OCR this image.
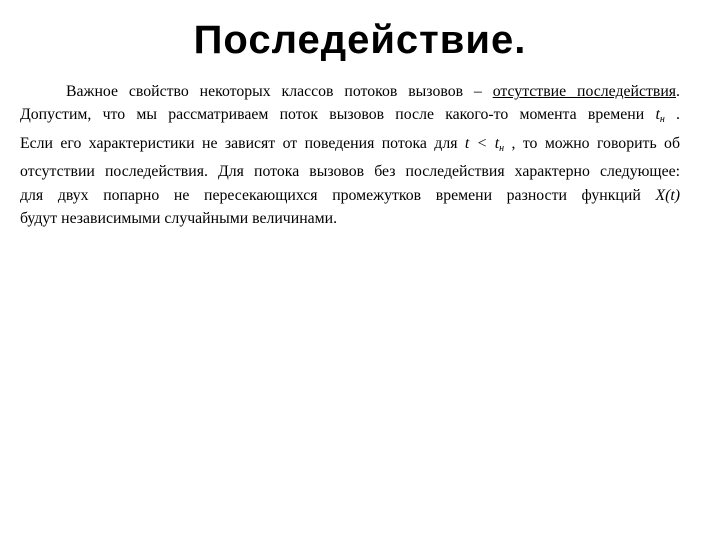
Последействие.
Важное свойство некоторых классов потоков вызовов – отсутствие последействия.
Допустим, что мы рассматриваем поток вызовов после какого-то момента времени $t_н$ .
Если его характеристики не зависят от поведения потока для $t < t_н$ , то можно говорить об
отсутствии последействия. Для потока вызовов без последействия характерно следующее:
для двух попарно не пересекающихся промежутков времени разности функций X(t)
будут независимыми случайными величинами.
